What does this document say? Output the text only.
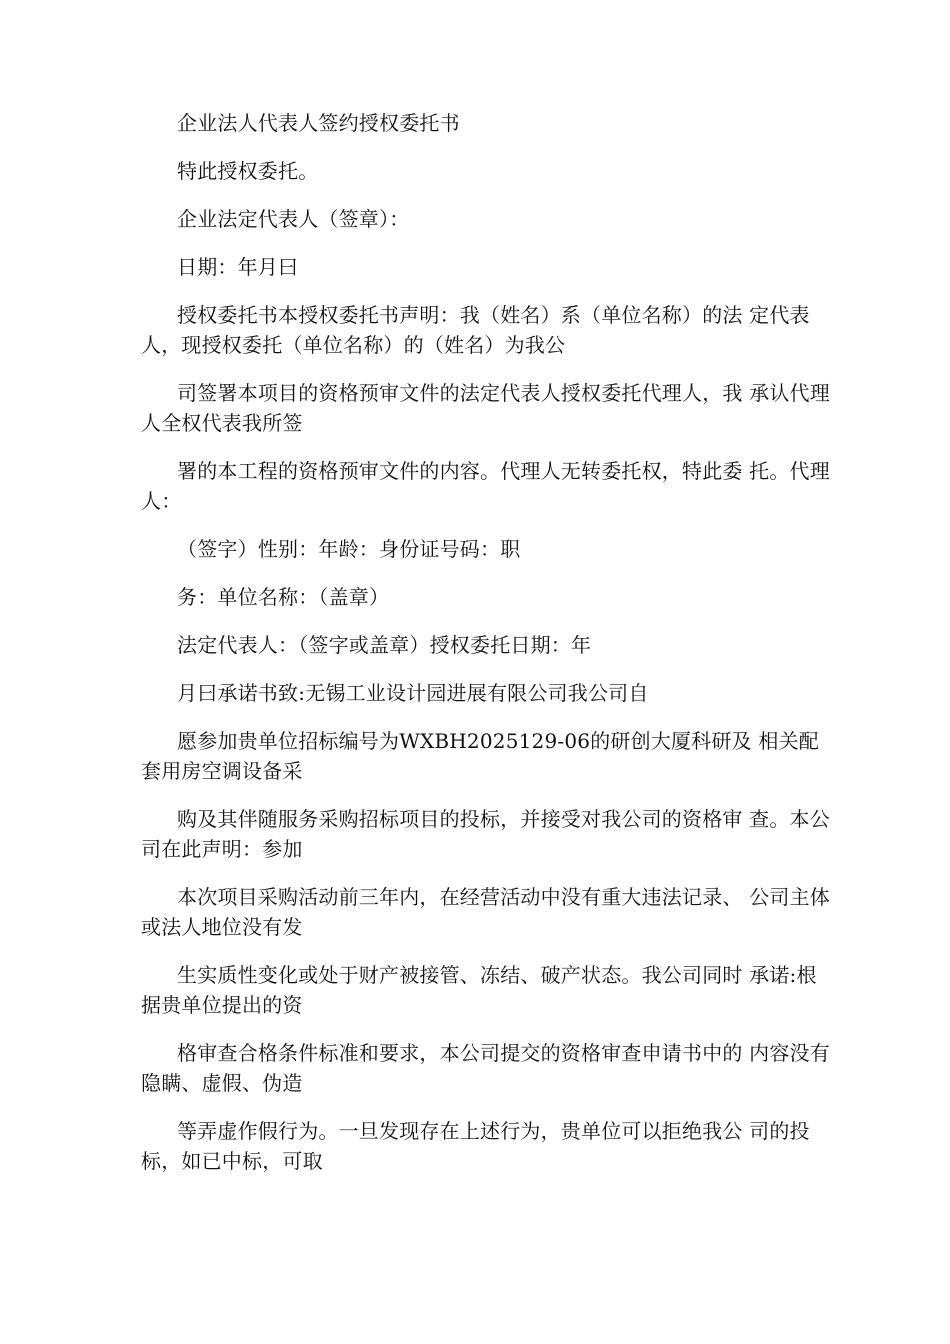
企业法人代表人签约授权委托书

特此授权委托。

企业法定代表人（签章）：

日期：年月曰

授权委托书本授权委托书声明：我（姓名）系（单位名称）的法 定代表人，现授权委托（单位名称）的（姓名）为我公

司签署本项目的资格预审文件的法定代表人授权委托代理人，我 承认代理人全权代表我所签

署的本工程的资格预审文件的内容。代理人无转委托权，特此委 托。代理人：

（签字）性别：年龄：身份证号码：职

务：单位名称：（盖章）

法定代表人：（签字或盖章）授权委托日期：年

月曰承诺书致:无锡工业设计园进展有限公司我公司自

愿参加贵单位招标编号为WXBH2025129-06的研创大厦科研及 相关配套用房空调设备采

购及其伴随服务采购招标项目的投标，并接受对我公司的资格审 查。本公司在此声明：参加

本次项目采购活动前三年内，在经营活动中没有重大违法记录、 公司主体或法人地位没有发

生实质性变化或处于财产被接管、冻结、破产状态。我公司同时 承诺:根据贵单位提出的资

格审查合格条件标准和要求，本公司提交的资格审查申请书中的 内容没有隐瞒、虚假、伪造

等弄虚作假行为。一旦发现存在上述行为，贵单位可以拒绝我公 司的投标，如已中标，可取
